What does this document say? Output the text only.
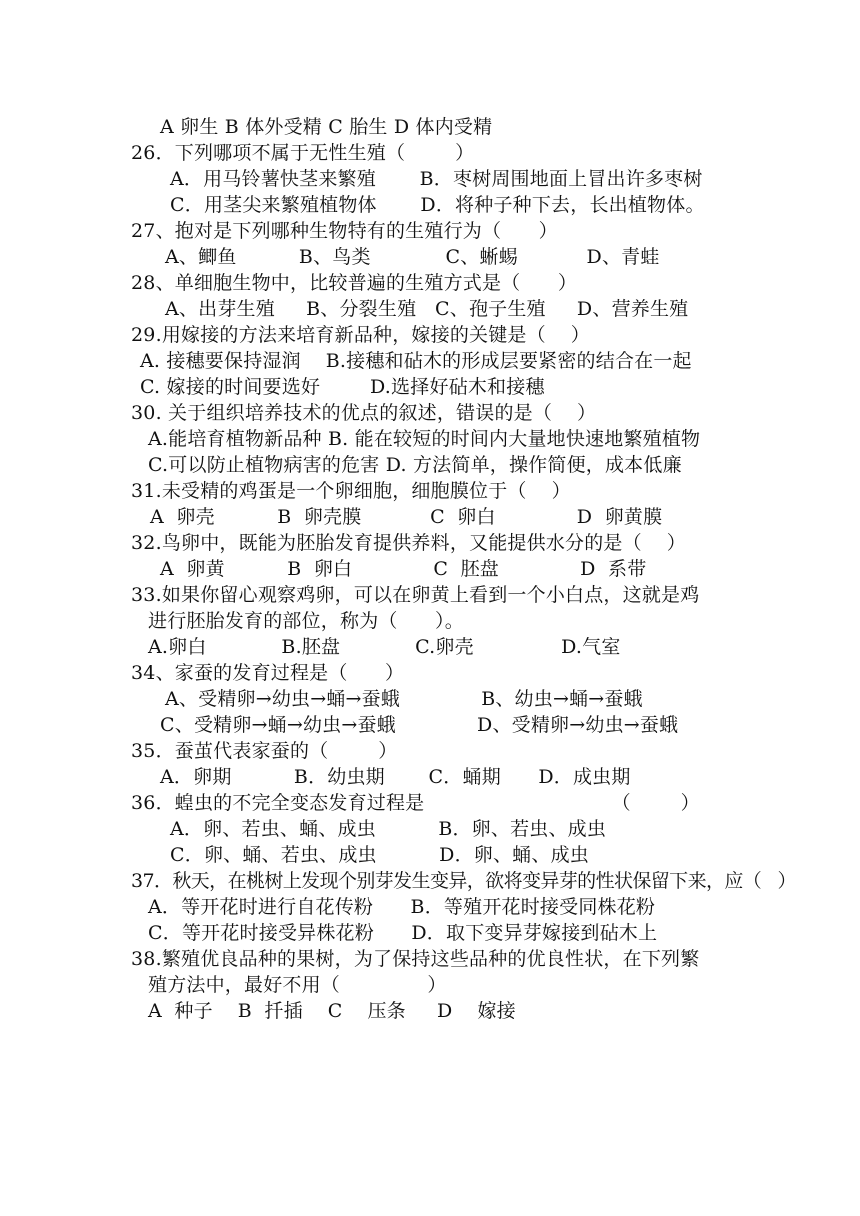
A 卵生 B 体外受精 C 胎生 D 体内受精
26．下列哪项不属于无性生殖（        ）
A．用马铃薯快茎来繁殖       B．枣树周围地面上冒出许多枣树
C．用茎尖来繁殖植物体       D．将种子种下去，长出植物体。
27、抱对是下列哪种生物特有的生殖行为（      ）
A、鲫鱼          B、鸟类            C、蜥蜴           D、青蛙
28、单细胞生物中，比较普遍的生殖方式是（      ）
A、出芽生殖     B、分裂生殖   C、孢子生殖     D、营养生殖
29.用嫁接的方法来培育新品种，嫁接的关键是（    ）
A. 接穗要保持湿润    B.接穗和砧木的形成层要紧密的结合在一起
C. 嫁接的时间要选好        D.选择好砧木和接穗
30. 关于组织培养技术的优点的叙述，错误的是（    ）
A.能培育植物新品种 B. 能在较短的时间内大量地快速地繁殖植物
C.可以防止植物病害的危害 D. 方法简单，操作简便，成本低廉
31.未受精的鸡蛋是一个卵细胞，细胞膜位于（    ）
A  卵壳          B  卵壳膜           C  卵白             D  卵黄膜
32.鸟卵中，既能为胚胎发育提供养料，又能提供水分的是（    ）
A  卵黄          B  卵白             C  胚盘             D  系带
33.如果你留心观察鸡卵，可以在卵黄上看到一个小白点，这就是鸡
进行胚胎发育的部位，称为（      ）。
A.卵白            B.胚盘            C.卵壳              D.气室
34、家蚕的发育过程是（      ）
A、受精卵→幼虫→蛹→蚕蛾             B、幼虫→蛹→蚕蛾
C、受精卵→蛹→幼虫→蚕蛾             D、受精卵→幼虫→蚕蛾
35．蚕茧代表家蚕的（        ）
A．卵期          B．幼虫期       C．蛹期      D．成虫期
36．蝗虫的不完全变态发育过程是                              （        ）
A．卵、若虫、蛹、成虫          B．卵、若虫、成虫
C．卵、蛹、若虫、成虫          D．卵、蛹、成虫
37．秋天，在桃树上发现个别芽发生变异，欲将变异芽的性状保留下来，应（   ）
A．等开花时进行自花传粉      B．等殖开花时接受同株花粉
C．等开花时接受异株花粉      D．取下变异芽嫁接到砧木上
38.繁殖优良品种的果树，为了保持这些品种的优良性状，在下列繁
殖方法中，最好不用（              ）
A  种子    B  扦插    C    压条     D    嫁接
